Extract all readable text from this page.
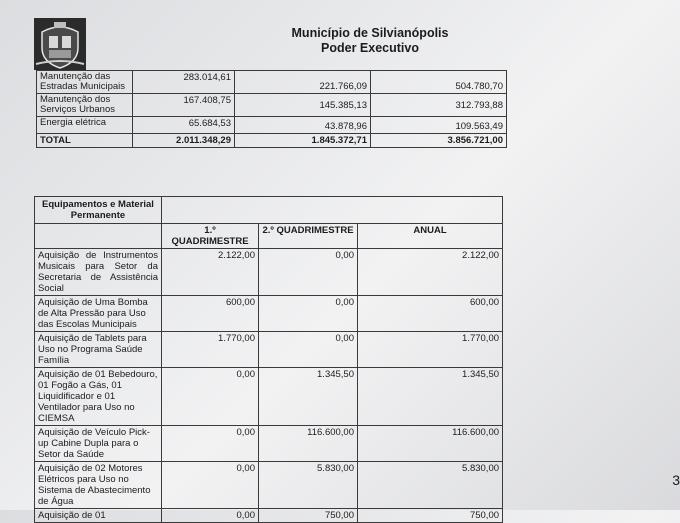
Município de Silvianópolis
Poder Executivo
Manutenção das Estradas Municipais	283.014,61	221.766,09	504.780,70
Manutenção dos Serviços Urbanos	167.408,75	145.385,13	312.793,88
Energia elétrica	65.684,53	43.878,96	109.563,49
TOTAL	2.011.348,29	1.845.372,71	3.856.721,00
Equipamentos e Material Permanente			
	1.º QUADRIMESTRE	2.º QUADRIMESTRE	ANUAL
Aquisição de Instrumentos Musicais para Setor da Secretaria de Assistência Social	2.122,00	0,00	2.122,00
Aquisição de Uma Bomba de Alta Pressão para Uso das Escolas Municipais	600,00	0,00	600,00
Aquisição de Tablets para Uso no Programa Saúde Família	1.770,00	0,00	1.770,00
Aquisição de 01 Bebedouro, 01 Fogão a Gás, 01 Liquidificador e 01 Ventilador para Uso no CIEMSA	0,00	1.345,50	1.345,50
Aquisição de Veículo Pick-up Cabine Dupla para o Setor da Saúde	0,00	116.600,00	116.600,00
Aquisição de 02 Motores Elétricos para Uso no Sistema de Abastecimento de Água	0,00	5.830,00	5.830,00
Aquisição de 01	0,00	750,00	750,00
3
